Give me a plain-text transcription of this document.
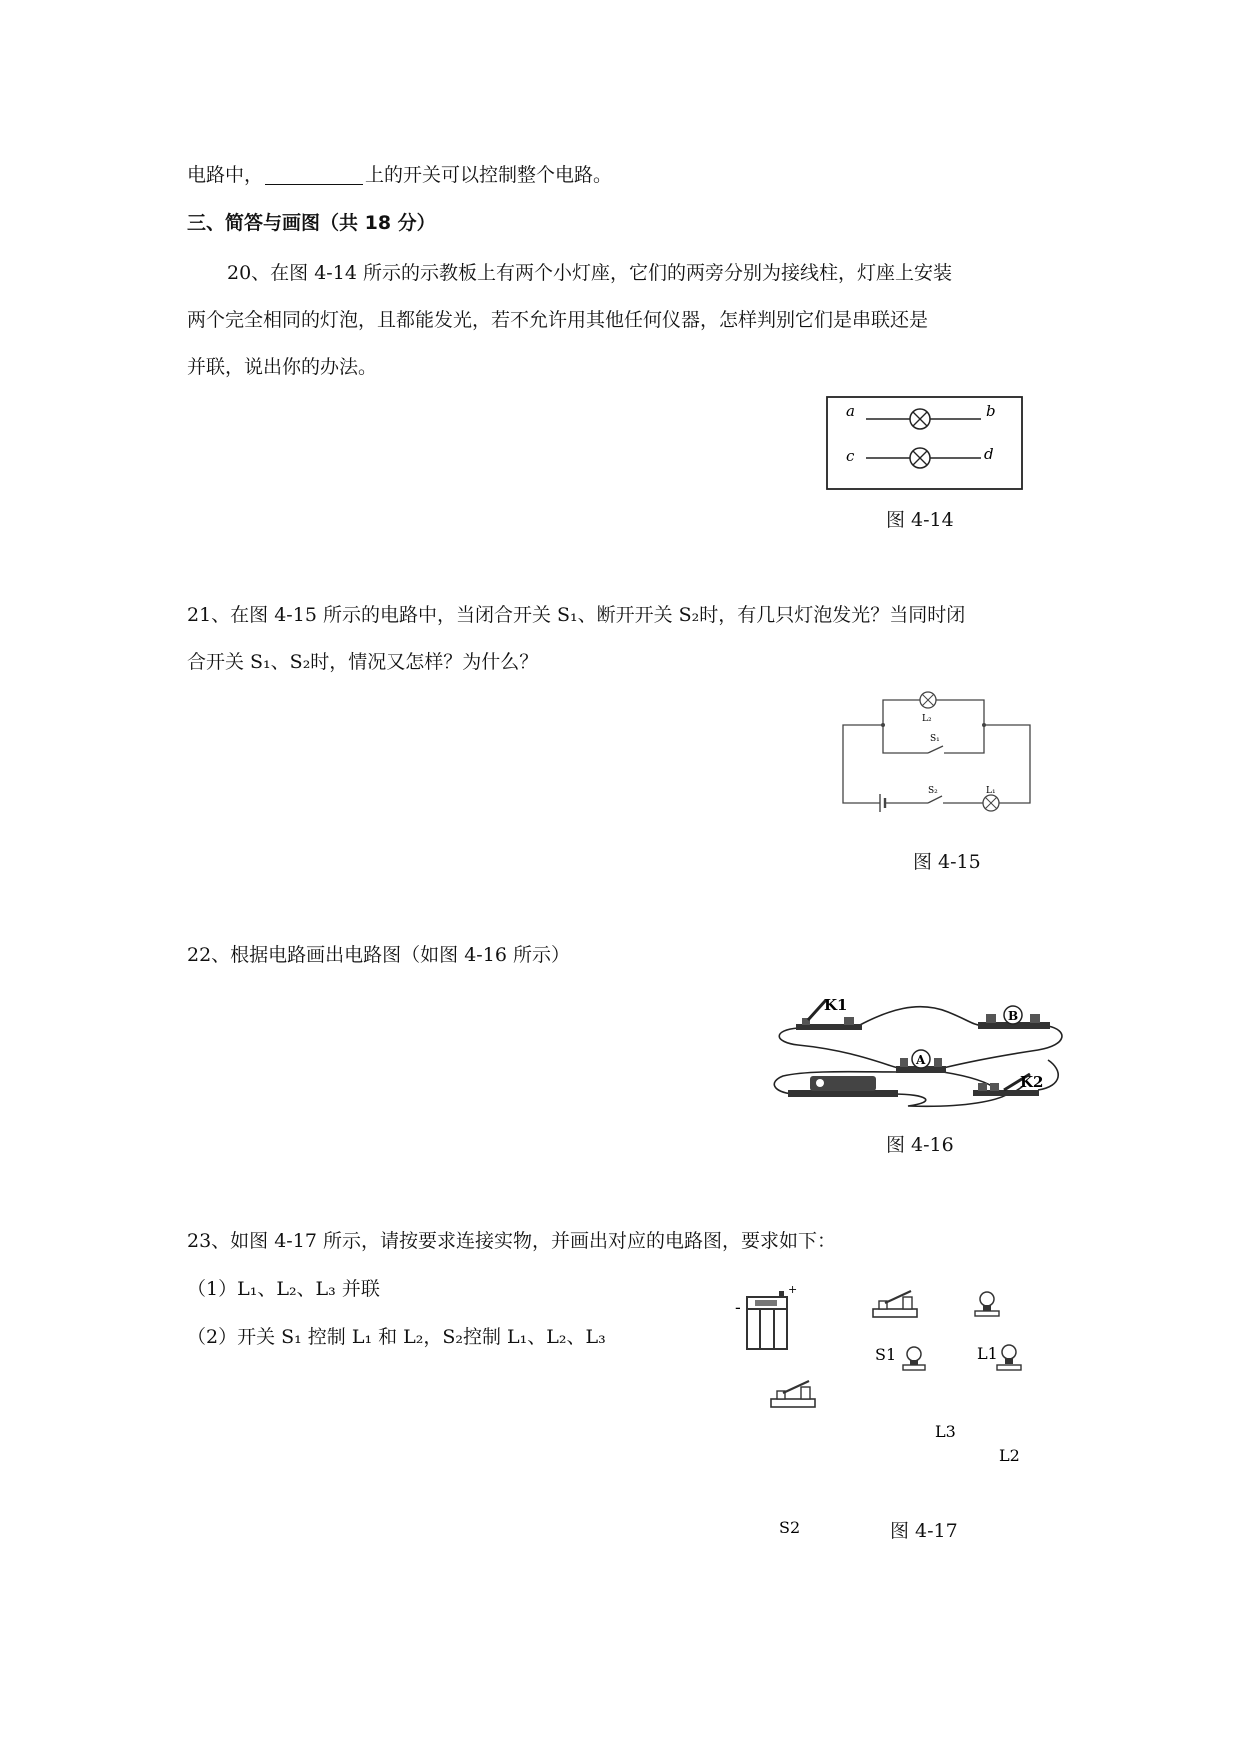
电路中，	上的开关可以控制整个电路。
三、简答与画图（共 18 分）
20、在图 4-14 所示的示教板上有两个小灯座，它们的两旁分别为接线柱，灯座上安装
两个完全相同的灯泡，且都能发光，若不允许用其他任何仪器，怎样判别它们是串联还是
并联，说出你的办法。
a	b
c	d
图 4-14
21、在图 4-15 所示的电路中，当闭合开关 S₁、断开开关 S₂时，有几只灯泡发光？当同时闭
合开关 S₁、S₂时，情况又怎样？为什么？
L₂
S₁
S₂	L₁
图 4-15
22、根据电路画出电路图（如图 4-16 所示）
K1
B
A
K2
图 4-16
23、如图 4-17 所示，请按要求连接实物，并画出对应的电路图，要求如下：
（1）L₁、L₂、L₃ 并联
（2）开关 S₁ 控制 L₁ 和 L₂，S₂控制 L₁、L₂、L₃
-
+
S1	L1
L3
L2
S2	图 4-17
